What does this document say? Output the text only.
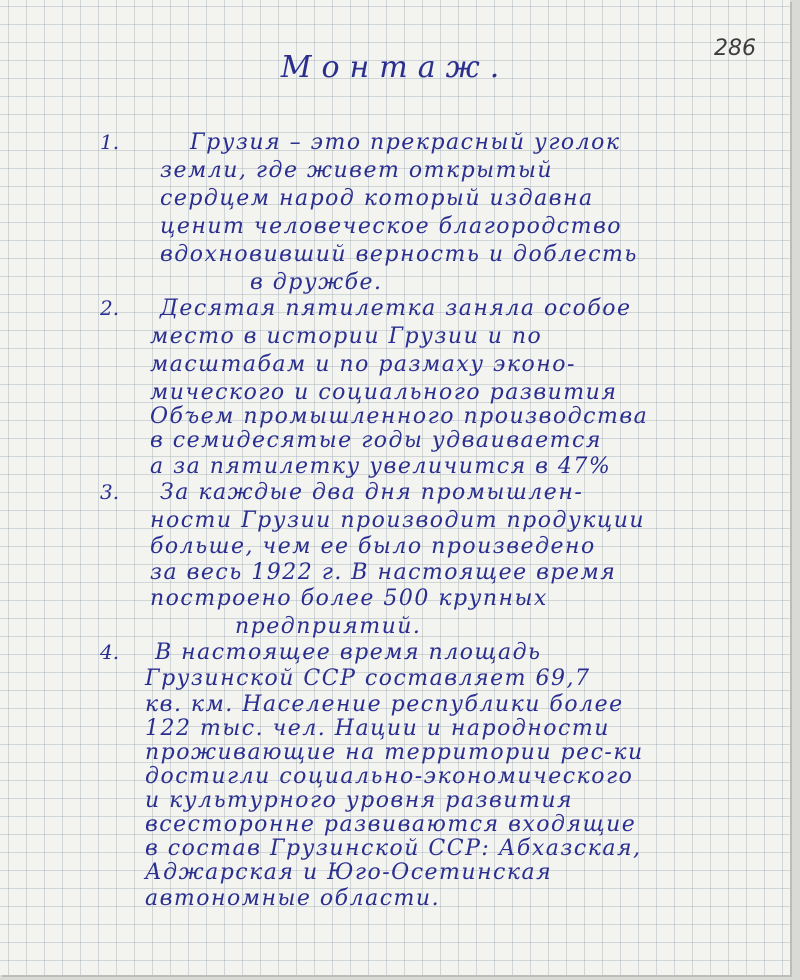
Монтаж.
286
1.	Грузия – это прекрасный уголок
земли, где живет открытый
сердцем народ который издавна
ценит человеческое благородство
вдохновивший верность и доблесть
в дружбе.
2. Десятая пятилетка заняла особое
место в истории Грузии и по
масштабам и по размаху эконо-
мического и социального развития
Объем промышленного производства
в семидесятые годы удваивается
а за пятилетку увеличится в 47%
3. За каждые два дня промышлен-
ности Грузии производит продукции
больше, чем ее было произведено
за весь 1922 г. В настоящее время
построено более 500 крупных
предприятий.
4. В настоящее время площадь
Грузинской ССР составляет 69,7
кв. км. Население республики более
122 тыс. чел. Нации и народности
проживающие на территории рес-ки
достигли социально-экономического
и культурного уровня развития
всесторонне развиваются входящие
в состав Грузинской ССР: Абхазская,
Аджарская и Юго-Осетинская
автономные области.
